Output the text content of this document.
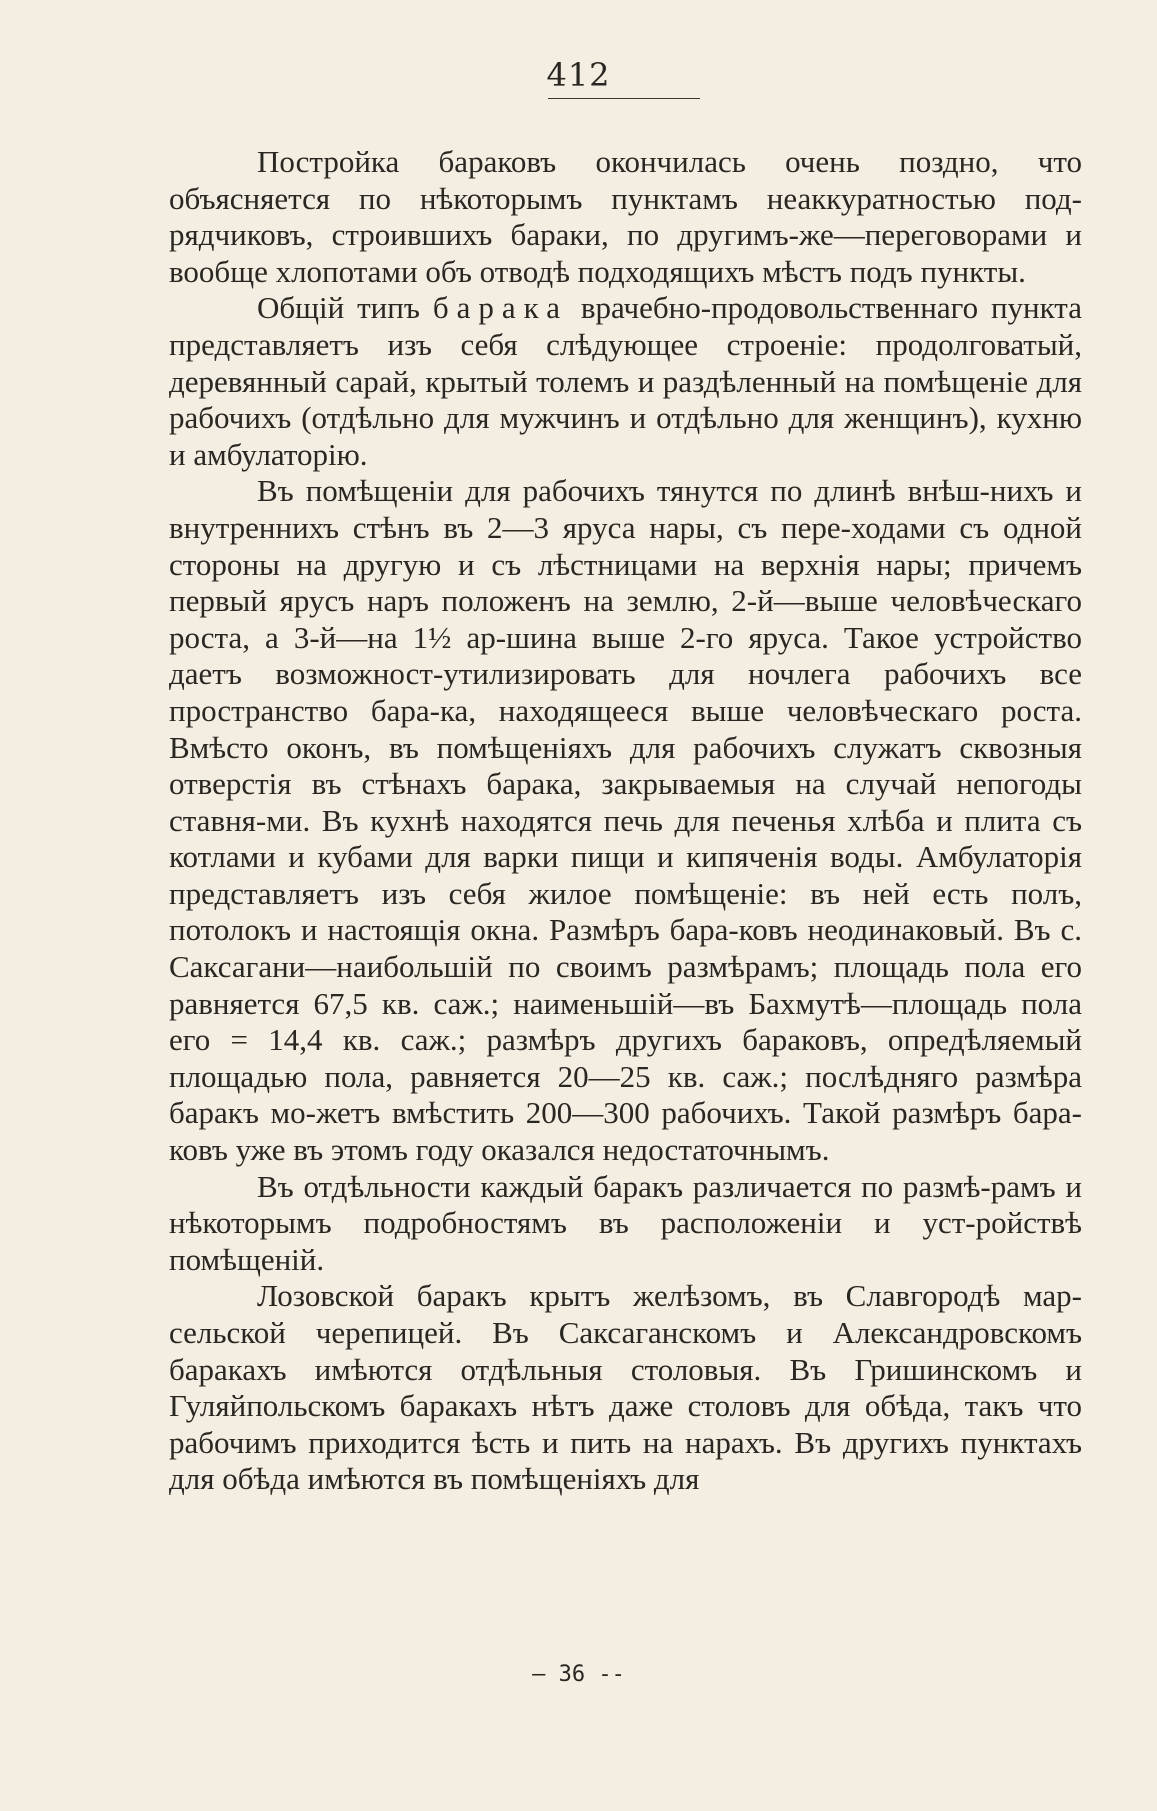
412

Постройка бараковъ окончилась очень поздно, что объясняется по нѣкоторымъ пунктамъ неаккуратностью под-рядчиковъ, строившихъ бараки, по другимъ-же—переговорами и вообще хлопотами объ отводѣ подходящихъ мѣстъ подъ пункты.

Общій типъ барака врачебно-продовольственнаго пункта представляетъ изъ себя слѣдующее строеніе: продолговатый, деревянный сарай, крытый толемъ и раздѣленный на помѣщеніе для рабочихъ (отдѣльно для мужчинъ и отдѣльно для женщинъ), кухню и амбулаторію.

Въ помѣщеніи для рабочихъ тянутся по длинѣ внѣш-нихъ и внутреннихъ стѣнъ въ 2—3 яруса нары, съ пере-ходами съ одной стороны на другую и съ лѣстницами на верхнія нары; причемъ первый ярусъ наръ положенъ на землю, 2-й—выше человѣческаго роста, а 3-й—на 1½ ар-шина выше 2-го яруса. Такое устройство даетъ возможност-утилизировать для ночлега рабочихъ все пространство бара-ка, находящееся выше человѣческаго роста. Вмѣсто оконъ, въ помѣщеніяхъ для рабочихъ служатъ сквозныя отверстія въ стѣнахъ барака, закрываемыя на случай непогоды ставня-ми. Въ кухнѣ находятся печь для печенья хлѣба и плита съ котлами и кубами для варки пищи и кипяченія воды. Амбулаторія представляетъ изъ себя жилое помѣщеніе: въ ней есть полъ, потолокъ и настоящія окна. Размѣръ бара-ковъ неодинаковый. Въ с. Саксагани—наибольшій по своимъ размѣрамъ; площадь пола его равняется 67,5 кв. саж.; наименьшій—въ Бахмутѣ—площадь пола его = 14,4 кв. саж.; размѣръ другихъ бараковъ, опредѣляемый площадью пола, равняется 20—25 кв. саж.; послѣдняго размѣра баракъ мо-жетъ вмѣстить 200—300 рабочихъ. Такой размѣръ бара-ковъ уже въ этомъ году оказался недостаточнымъ.

Въ отдѣльности каждый баракъ различается по размѣ-рамъ и нѣкоторымъ подробностямъ въ расположеніи и уст-ройствѣ помѣщеній.

Лозовской баракъ крытъ желѣзомъ, въ Славгородѣ мар-сельской черепицей. Въ Саксаганскомъ и Александровскомъ баракахъ имѣются отдѣльныя столовыя. Въ Гришинскомъ и Гуляйпольскомъ баракахъ нѣтъ даже столовъ для обѣда, такъ что рабочимъ приходится ѣсть и пить на нарахъ. Въ другихъ пунктахъ для обѣда имѣются въ помѣщеніяхъ для

— 36 --
